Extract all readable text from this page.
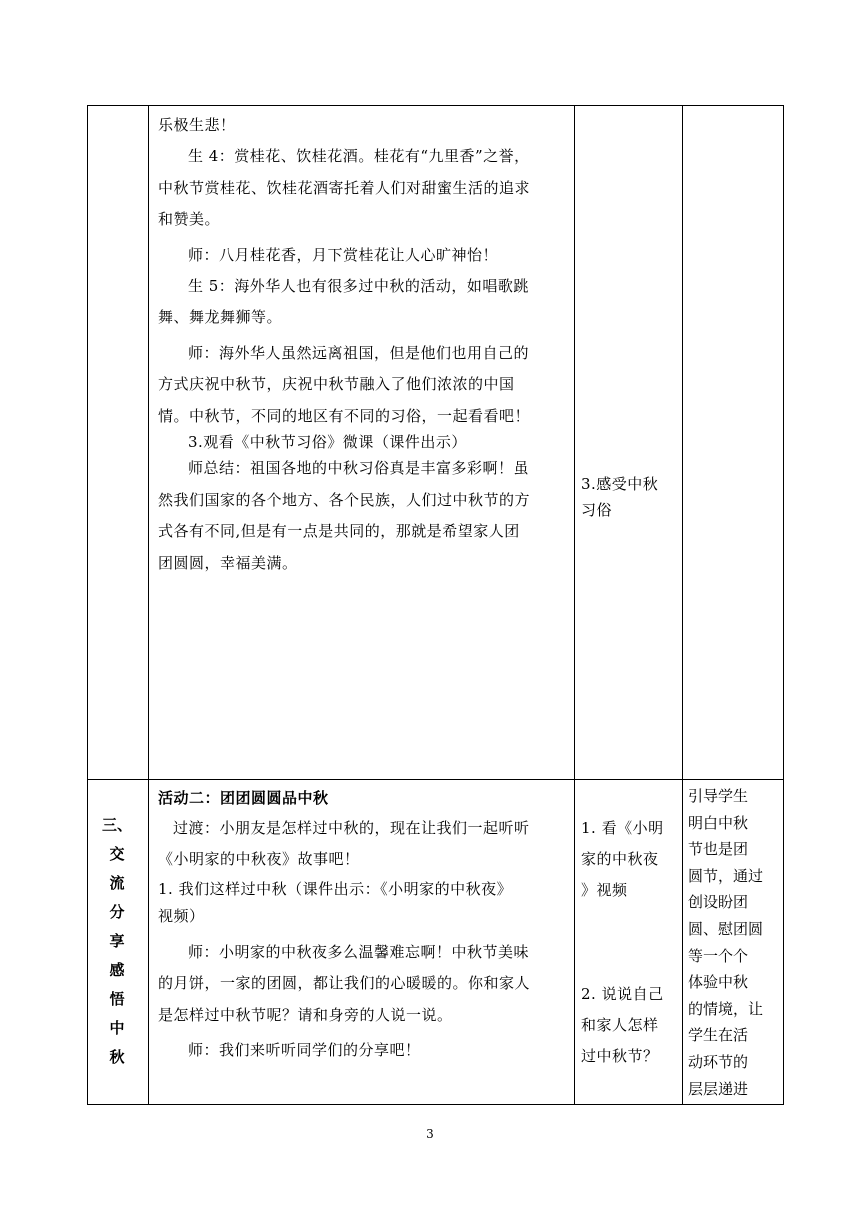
乐极生悲！

生 4：赏桂花、饮桂花酒。桂花有“九里香”之誉，

中秋节赏桂花、饮桂花酒寄托着人们对甜蜜生活的追求

和赞美。

师：八月桂花香，月下赏桂花让人心旷神怡！

生 5：海外华人也有很多过中秋的活动，如唱歌跳

舞、舞龙舞狮等。

师：海外华人虽然远离祖国，但是他们也用自己的

方式庆祝中秋节，庆祝中秋节融入了他们浓浓的中国

情。中秋节，不同的地区有不同的习俗，一起看看吧！

3.观看《中秋节习俗》微课（课件出示）

师总结：祖国各地的中秋习俗真是丰富多彩啊！虽

然我们国家的各个地方、各个民族，人们过中秋节的方

式各有不同,但是有一点是共同的，那就是希望家人团

团圆圆，幸福美满。

3.感受中秋

习俗

三、
交
流
分
享
感
悟
中
秋

活动二：团团圆圆品中秋

过渡：小朋友是怎样过中秋的，现在让我们一起听听

《小明家的中秋夜》故事吧！

1. 我们这样过中秋（课件出示：《小明家的中秋夜》

视频）

师：小明家的中秋夜多么温馨难忘啊！中秋节美味

的月饼，一家的团圆，都让我们的心暖暖的。你和家人

是怎样过中秋节呢？请和身旁的人说一说。

师：我们来听听同学们的分享吧！

1. 看《小明

家的中秋夜

》视频

2. 说说自己

和家人怎样

过中秋节？

引导学生

明白中秋

节也是团

圆节，通过

创设盼团

圆、慰团圆

等一个个

体验中秋

的情境，让

学生在活

动环节的

层层递进

3
